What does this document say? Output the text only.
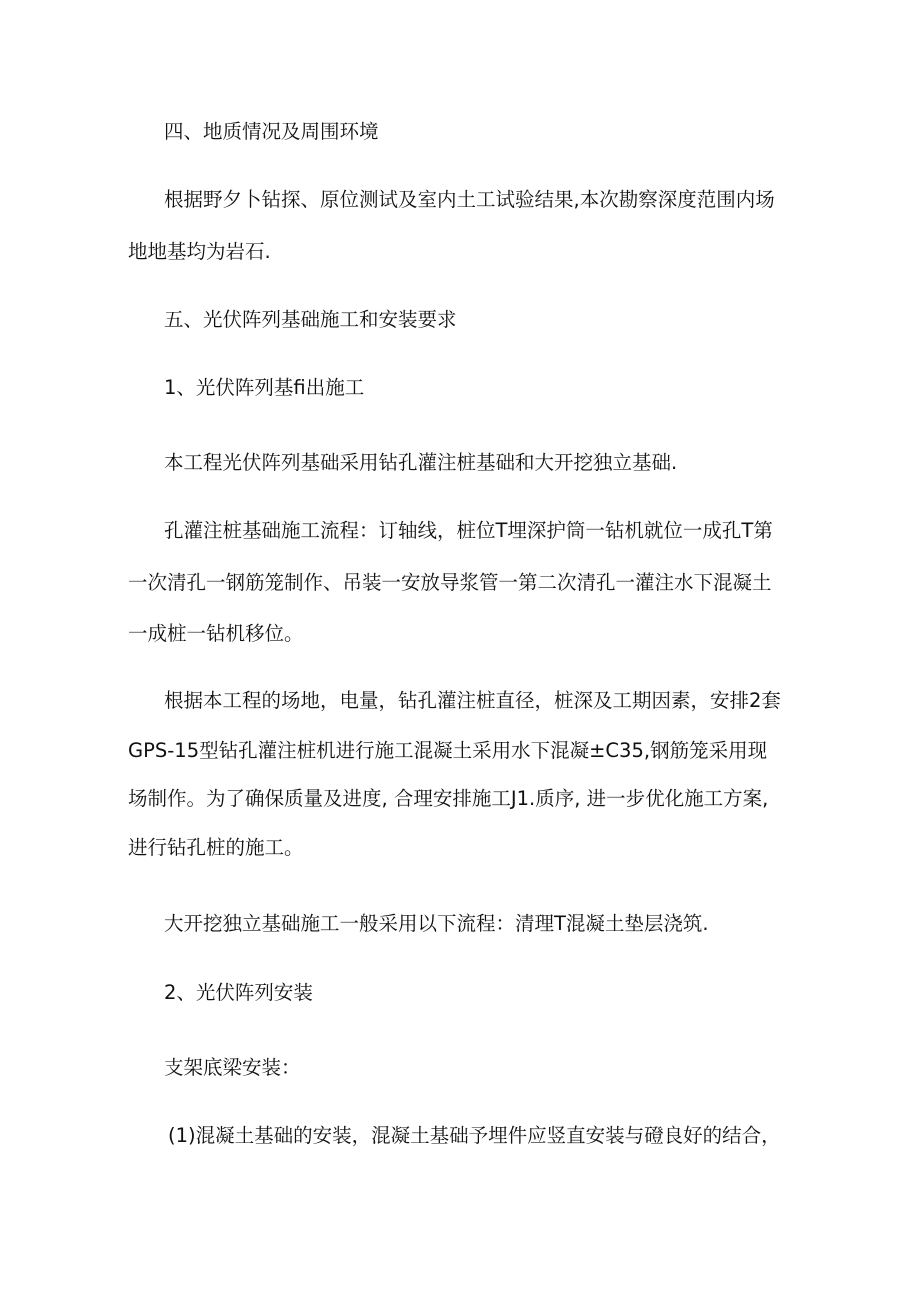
四、地质情况及周围环境
根据野夕卜钻探、原位测试及室内土工试验结果,本次勘察深度范围内场
地地基均为岩石.
五、光伏阵列基础施工和安装要求
1、光伏阵列基fi出施工
本工程光伏阵列基础采用钻孔灌注桩基础和大开挖独立基础.
孔灌注桩基础施工流程：订轴线，桩位T埋深护筒一钻机就位一成孔T第
一次清孔一钢筋笼制作、吊装一安放导浆管一第二次清孔一灌注水下混凝土
一成桩一钻机移位。
根据本工程的场地，电量，钻孔灌注桩直径，桩深及工期因素，安排2套
GPS-15型钻孔灌注桩机进行施工混凝土采用水下混凝±C35,钢筋笼采用现
场制作。为了确保质量及进度, 合理安排施工J1.质序, 进一步优化施工方案,
进行钻孔桩的施工。
大开挖独立基础施工一般采用以下流程：清理T混凝土垫层浇筑.
2、光伏阵列安装
支架底梁安装：
(1)混凝土基础的安装，混凝土基础予埋件应竖直安装与磴良好的结合，
